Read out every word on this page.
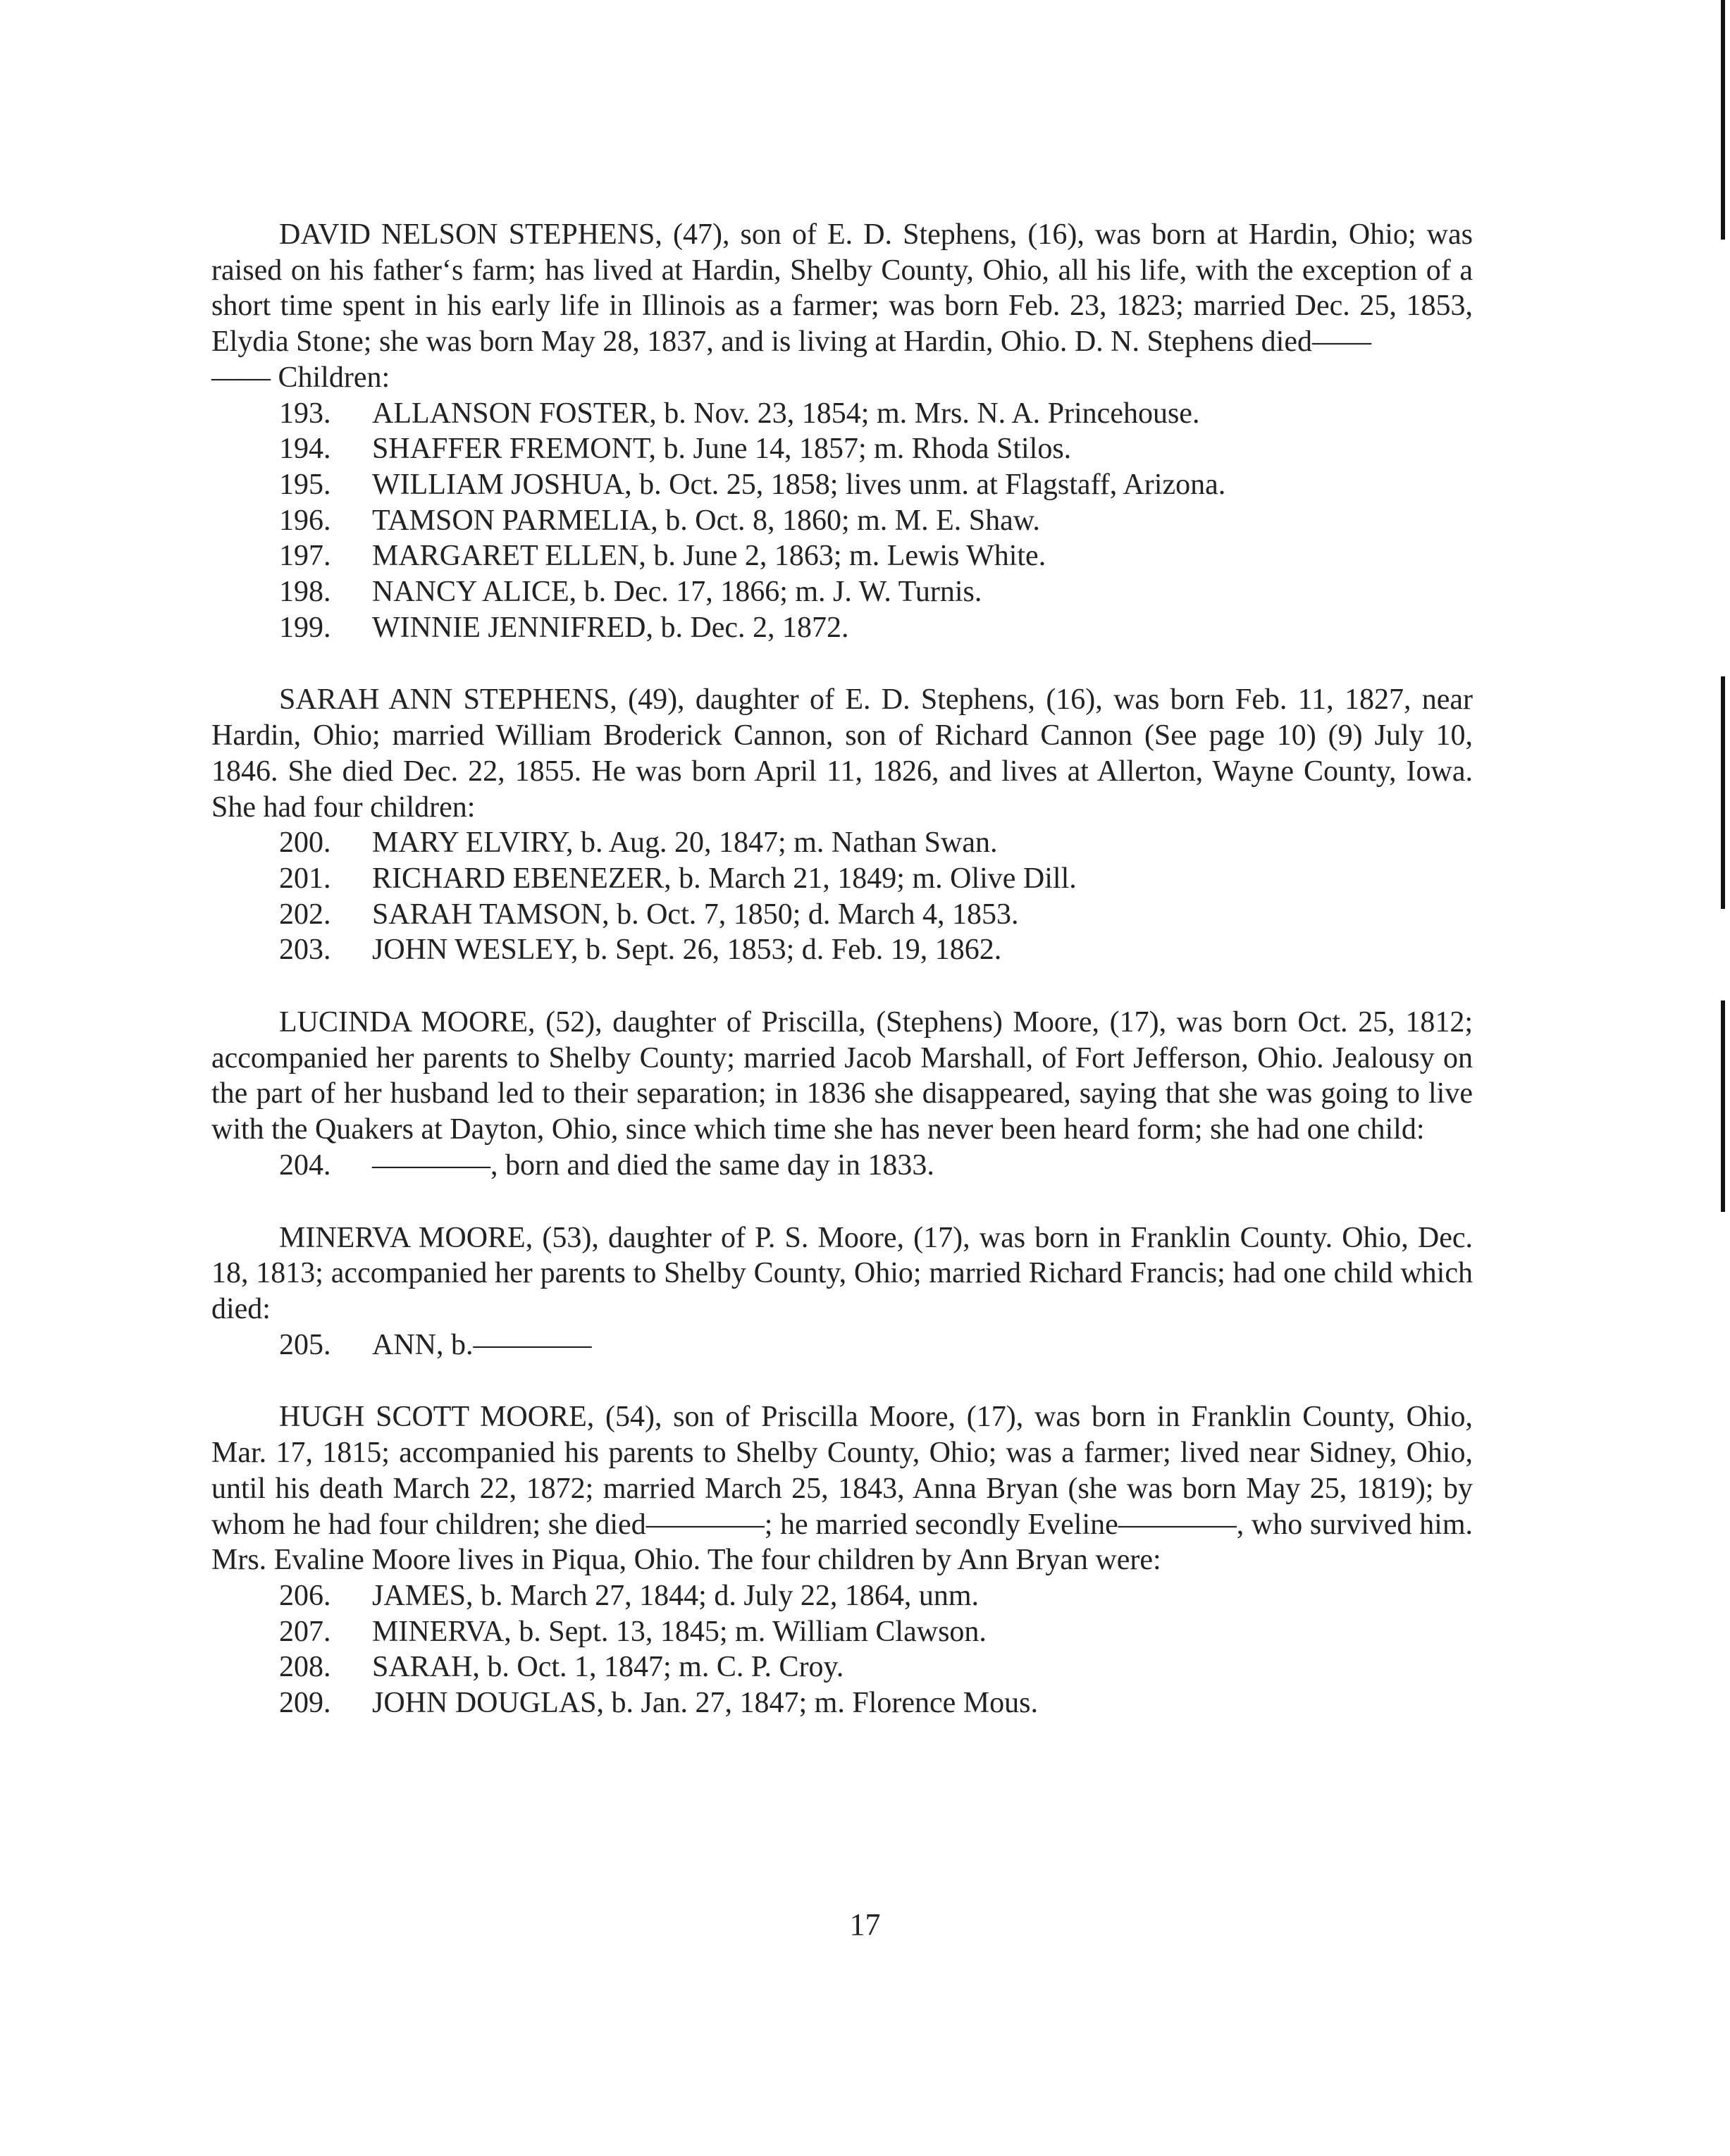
DAVID NELSON STEPHENS, (47), son of E. D. Stephens, (16), was born at Hardin, Ohio; was raised on his father‘s farm; has lived at Hardin, Shelby County, Ohio, all his life, with the exception of a short time spent in his early life in Illinois as a farmer; was born Feb. 23, 1823; married Dec. 25, 1853, Elydia Stone; she was born May 28, 1837, and is living at Hardin, Ohio. D. N. Stephens died——

—— Children:
193.	ALLANSON FOSTER, b. Nov. 23, 1854; m. Mrs. N. A. Princehouse.
194.	SHAFFER FREMONT, b. June 14, 1857; m. Rhoda Stilos.
195.	WILLIAM JOSHUA, b. Oct. 25, 1858; lives unm. at Flagstaff, Arizona.
196.	TAMSON PARMELIA, b. Oct. 8, 1860; m. M. E. Shaw.
197.	MARGARET ELLEN, b. June 2, 1863; m. Lewis White.
198.	NANCY ALICE, b. Dec. 17, 1866; m. J. W. Turnis.
199.	WINNIE JENNIFRED, b. Dec. 2, 1872.

SARAH ANN STEPHENS, (49), daughter of E. D. Stephens, (16), was born Feb. 11, 1827, near Hardin, Ohio; married William Broderick Cannon, son of Richard Cannon (See page 10) (9) July 10, 1846. She died Dec. 22, 1855. He was born April 11, 1826, and lives at Allerton, Wayne County, Iowa. She had four children:

200.	MARY ELVIRY, b. Aug. 20, 1847; m. Nathan Swan.
201.	RICHARD EBENEZER, b. March 21, 1849; m. Olive Dill.
202.	SARAH TAMSON, b. Oct. 7, 1850; d. March 4, 1853.
203.	JOHN WESLEY, b. Sept. 26, 1853; d. Feb. 19, 1862.

LUCINDA MOORE, (52), daughter of Priscilla, (Stephens) Moore, (17), was born Oct. 25, 1812; accompanied her parents to Shelby County; married Jacob Marshall, of Fort Jefferson, Ohio. Jealousy on the part of her husband led to their separation; in 1836 she disappeared, saying that she was going to live with the Quakers at Dayton, Ohio, since which time she has never been heard form; she had one child:

204.	————, born and died the same day in 1833.

MINERVA MOORE, (53), daughter of P. S. Moore, (17), was born in Franklin County. Ohio, Dec. 18, 1813; accompanied her parents to Shelby County, Ohio; married Richard Francis; had one child which died:

205.	ANN, b.————

HUGH SCOTT MOORE, (54), son of Priscilla Moore, (17), was born in Franklin County, Ohio, Mar. 17, 1815; accompanied his parents to Shelby County, Ohio; was a farmer; lived near Sidney, Ohio, until his death March 22, 1872; married March 25, 1843, Anna Bryan (she was born May 25, 1819); by whom he had four children; she died————; he married secondly Eveline————, who survived him. Mrs. Evaline Moore lives in Piqua, Ohio. The four children by Ann Bryan were:

206.	JAMES, b. March 27, 1844; d. July 22, 1864, unm.
207.	MINERVA, b. Sept. 13, 1845; m. William Clawson.
208.	SARAH, b. Oct. 1, 1847; m. C. P. Croy.
209.	JOHN DOUGLAS, b. Jan. 27, 1847; m. Florence Mous.
17
